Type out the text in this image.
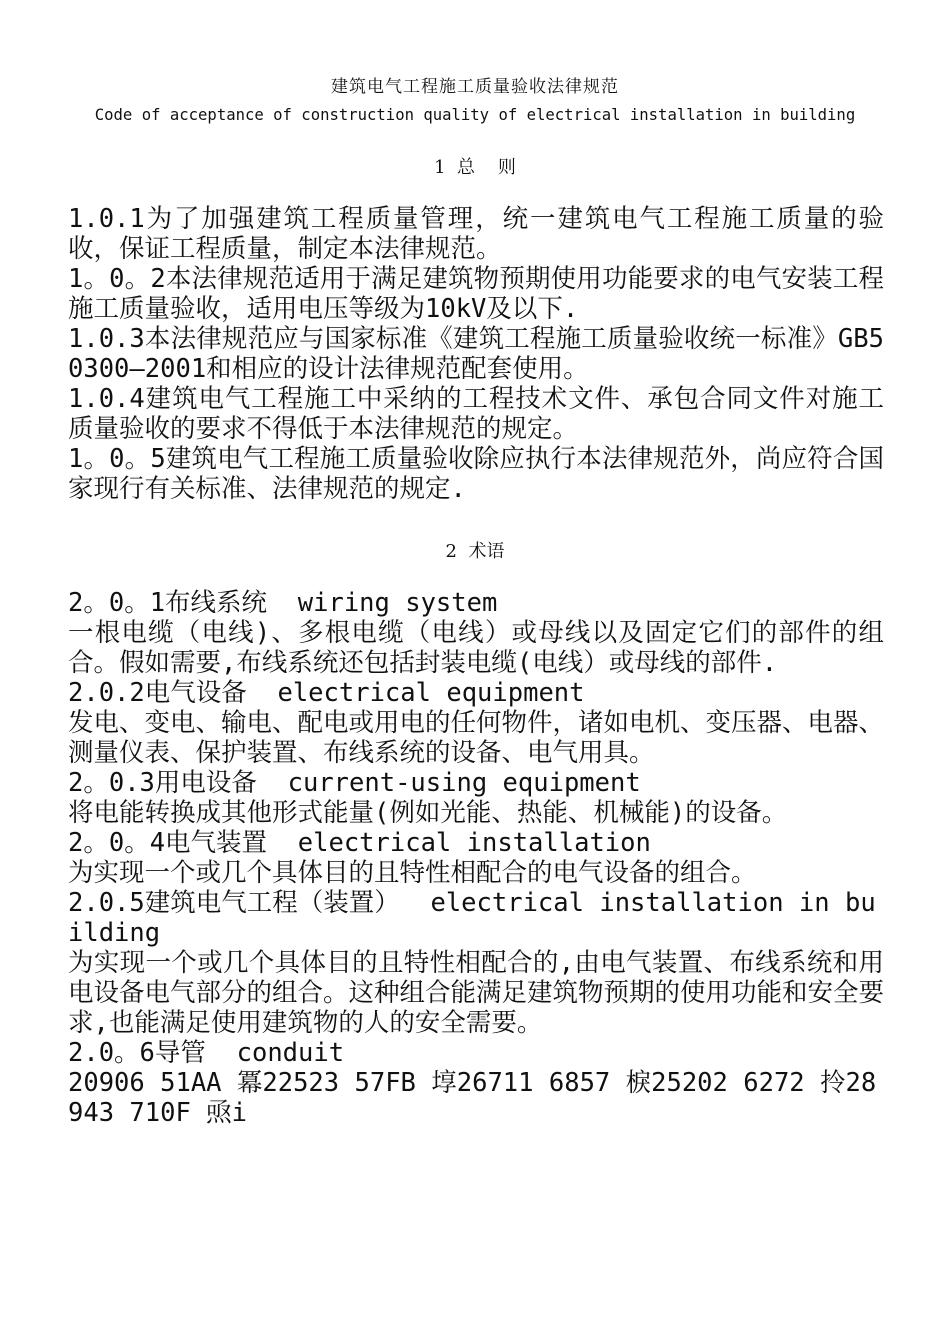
建筑电气工程施工质量验收法律规范
Code of acceptance of construction quality of electrical installation in building
1  总    则

1.0.1为了加强建筑工程质量管理，统一建筑电气工程施工质量的验收，保证工程质量，制定本法律规范。

1。0。2本法律规范适用于满足建筑物预期使用功能要求的电气安装工程施工质量验收，适用电压等级为10kV及以下.

1.0.3本法律规范应与国家标准《建筑工程施工质量验收统一标准》GB50300—2001和相应的设计法律规范配套使用。

1.0.4建筑电气工程施工中采纳的工程技术文件、承包合同文件对施工质量验收的要求不得低于本法律规范的规定。

1。0。5建筑电气工程施工质量验收除应执行本法律规范外，尚应符合国家现行有关标准、法律规范的规定.

2  术语

2。0。1布线系统  wiring system

一根电缆（电线)、多根电缆（电线）或母线以及固定它们的部件的组合。假如需要,布线系统还包括封装电缆(电线）或母线的部件.

2.0.2电气设备  electrical equipment

发电、变电、输电、配电或用电的任何物件，诸如电机、变压器、电器、测量仪表、保护装置、布线系统的设备、电气用具。

2。0.3用电设备  current-using equipment

将电能转换成其他形式能量(例如光能、热能、机械能)的设备。

2。0。4电气装置  electrical installation

为实现一个或几个具体目的且特性相配合的电气设备的组合。

2.0.5建筑电气工程（装置）  electrical installation in building

为实现一个或几个具体目的且特性相配合的,由电气装置、布线系统和用电设备电气部分的组合。这种组合能满足建筑物预期的使用功能和安全要求,也能满足使用建筑物的人的安全需要。

2.0。6导管  conduit

20906 51AA 冪22523 57FB 埻26711 6857 棙25202 6272 拎28943 710F 焏i
